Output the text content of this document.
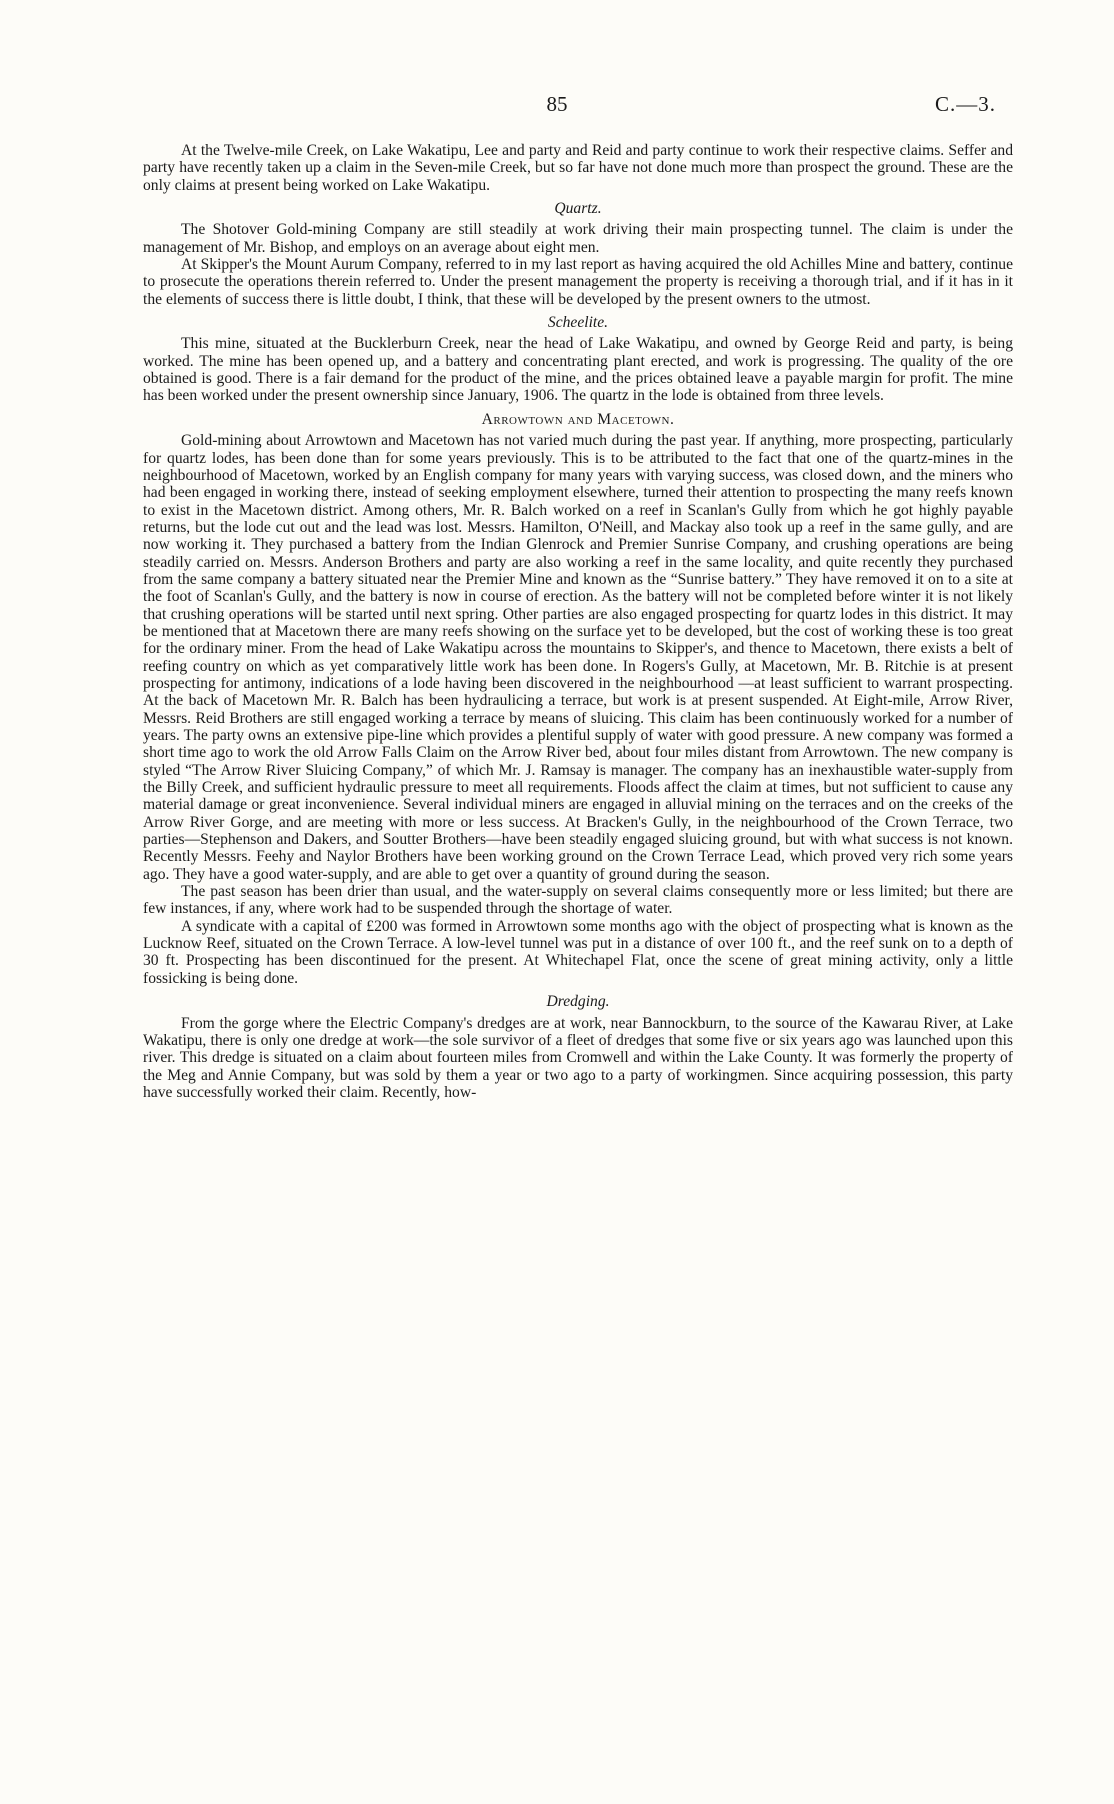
85	C.—3.

At the Twelve-mile Creek, on Lake Wakatipu, Lee and party and Reid and party continue to work their respective claims. Seffer and party have recently taken up a claim in the Seven-mile Creek, but so far have not done much more than prospect the ground. These are the only claims at present being worked on Lake Wakatipu.

Quartz.

The Shotover Gold-mining Company are still steadily at work driving their main prospecting tunnel. The claim is under the management of Mr. Bishop, and employs on an average about eight men.

At Skipper's the Mount Aurum Company, referred to in my last report as having acquired the old Achilles Mine and battery, continue to prosecute the operations therein referred to. Under the present management the property is receiving a thorough trial, and if it has in it the elements of success there is little doubt, I think, that these will be developed by the present owners to the utmost.

Scheelite.

This mine, situated at the Bucklerburn Creek, near the head of Lake Wakatipu, and owned by George Reid and party, is being worked. The mine has been opened up, and a battery and concentrating plant erected, and work is progressing. The quality of the ore obtained is good. There is a fair demand for the product of the mine, and the prices obtained leave a payable margin for profit. The mine has been worked under the present ownership since January, 1906. The quartz in the lode is obtained from three levels.

Arrowtown and Macetown.

Gold-mining about Arrowtown and Macetown has not varied much during the past year. If anything, more prospecting, particularly for quartz lodes, has been done than for some years previously. This is to be attributed to the fact that one of the quartz-mines in the neighbourhood of Macetown, worked by an English company for many years with varying success, was closed down, and the miners who had been engaged in working there, instead of seeking employment elsewhere, turned their attention to prospecting the many reefs known to exist in the Macetown district. Among others, Mr. R. Balch worked on a reef in Scanlan's Gully from which he got highly payable returns, but the lode cut out and the lead was lost. Messrs. Hamilton, O'Neill, and Mackay also took up a reef in the same gully, and are now working it. They purchased a battery from the Indian Glenrock and Premier Sunrise Company, and crushing operations are being steadily carried on. Messrs. Anderson Brothers and party are also working a reef in the same locality, and quite recently they purchased from the same company a battery situated near the Premier Mine and known as the “Sunrise battery.” They have removed it on to a site at the foot of Scanlan's Gully, and the battery is now in course of erection. As the battery will not be completed before winter it is not likely that crushing operations will be started until next spring. Other parties are also engaged prospecting for quartz lodes in this district. It may be mentioned that at Macetown there are many reefs showing on the surface yet to be developed, but the cost of working these is too great for the ordinary miner. From the head of Lake Wakatipu across the mountains to Skipper's, and thence to Macetown, there exists a belt of reefing country on which as yet comparatively little work has been done. In Rogers's Gully, at Macetown, Mr. B. Ritchie is at present prospecting for antimony, indications of a lode having been discovered in the neighbourhood —at least sufficient to warrant prospecting. At the back of Macetown Mr. R. Balch has been hydraulicing a terrace, but work is at present suspended. At Eight-mile, Arrow River, Messrs. Reid Brothers are still engaged working a terrace by means of sluicing. This claim has been continuously worked for a number of years. The party owns an extensive pipe-line which provides a plentiful supply of water with good pressure. A new company was formed a short time ago to work the old Arrow Falls Claim on the Arrow River bed, about four miles distant from Arrowtown. The new company is styled “The Arrow River Sluicing Company,” of which Mr. J. Ramsay is manager. The company has an inexhaustible water-supply from the Billy Creek, and sufficient hydraulic pressure to meet all requirements. Floods affect the claim at times, but not sufficient to cause any material damage or great inconvenience. Several individual miners are engaged in alluvial mining on the terraces and on the creeks of the Arrow River Gorge, and are meeting with more or less success. At Bracken's Gully, in the neighbourhood of the Crown Terrace, two parties—Stephenson and Dakers, and Soutter Brothers—have been steadily engaged sluicing ground, but with what success is not known. Recently Messrs. Feehy and Naylor Brothers have been working ground on the Crown Terrace Lead, which proved very rich some years ago. They have a good water-supply, and are able to get over a quantity of ground during the season.

The past season has been drier than usual, and the water-supply on several claims consequently more or less limited; but there are few instances, if any, where work had to be suspended through the shortage of water.

A syndicate with a capital of £200 was formed in Arrowtown some months ago with the object of prospecting what is known as the Lucknow Reef, situated on the Crown Terrace. A low-level tunnel was put in a distance of over 100 ft., and the reef sunk on to a depth of 30 ft. Prospecting has been discontinued for the present. At Whitechapel Flat, once the scene of great mining activity, only a little fossicking is being done.

Dredging.

From the gorge where the Electric Company's dredges are at work, near Bannockburn, to the source of the Kawarau River, at Lake Wakatipu, there is only one dredge at work—the sole survivor of a fleet of dredges that some five or six years ago was launched upon this river. This dredge is situated on a claim about fourteen miles from Cromwell and within the Lake County. It was formerly the property of the Meg and Annie Company, but was sold by them a year or two ago to a party of workingmen. Since acquiring possession, this party have successfully worked their claim. Recently, how-
